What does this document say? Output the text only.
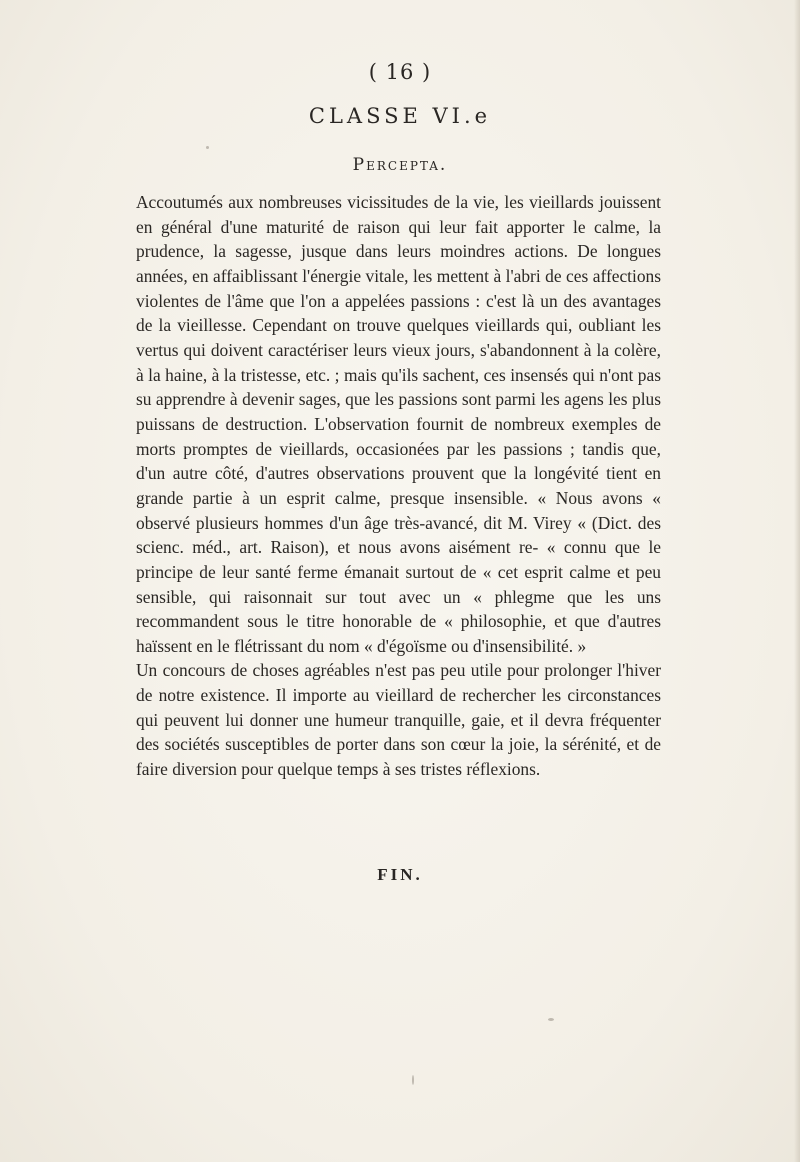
( 16 )
CLASSE VI.e
Percepta.

Accoutumés aux nombreuses vicissitudes de la vie, les vieillards jouissent en général d'une maturité de raison qui leur fait apporter le calme, la prudence, la sagesse, jusque dans leurs moindres actions. De longues années, en affaiblissant l'énergie vitale, les mettent à l'abri de ces affections violentes de l'âme que l'on a appelées passions : c'est là un des avantages de la vieillesse. Cependant on trouve quelques vieillards qui, oubliant les vertus qui doivent caractériser leurs vieux jours, s'abandonnent à la colère, à la haine, à la tristesse, etc. ; mais qu'ils sachent, ces insensés qui n'ont pas su apprendre à devenir sages, que les passions sont parmi les agens les plus puissans de destruction. L'observation fournit de nombreux exemples de morts promptes de vieillards, occasionées par les passions ; tandis que, d'un autre côté, d'autres observations prouvent que la longévité tient en grande partie à un esprit calme, presque insensible. « Nous avons « observé plusieurs hommes d'un âge très-avancé, dit M. Virey « (Dict. des scienc. méd., art. Raison), et nous avons aisément re- « connu que le principe de leur santé ferme émanait surtout de « cet esprit calme et peu sensible, qui raisonnait sur tout avec un « phlegme que les uns recommandent sous le titre honorable de « philosophie, et que d'autres haïssent en le flétrissant du nom « d'égoïsme ou d'insensibilité. »

Un concours de choses agréables n'est pas peu utile pour prolonger l'hiver de notre existence. Il importe au vieillard de rechercher les circonstances qui peuvent lui donner une humeur tranquille, gaie, et il devra fréquenter des sociétés susceptibles de porter dans son cœur la joie, la sérénité, et de faire diversion pour quelque temps à ses tristes réflexions.

FIN.
